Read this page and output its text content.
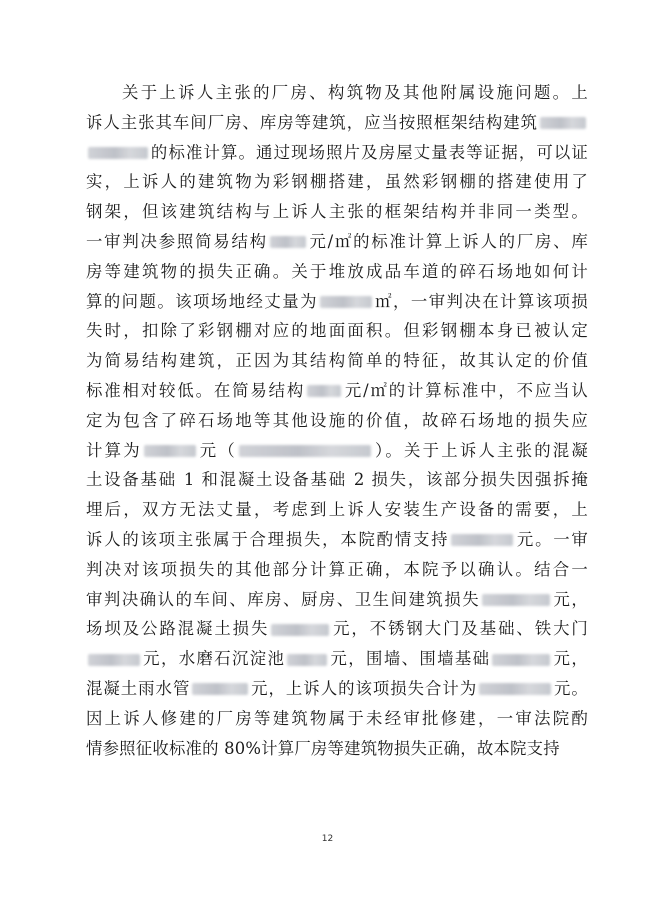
关于上诉人主张的厂房、构筑物及其他附属设施问题。上
诉人主张其车间厂房、库房等建筑，应当按照框架结构建筑
的标准计算。通过现场照片及房屋丈量表等证据，可以证
实，上诉人的建筑物为彩钢棚搭建，虽然彩钢棚的搭建使用了
钢架，但该建筑结构与上诉人主张的框架结构并非同一类型。
一审判决参照简易结构 元/㎡的标准计算上诉人的厂房、库
房等建筑物的损失正确。关于堆放成品车道的碎石场地如何计
算的问题。该项场地经丈量为	㎡，一审判决在计算该项损
失时，扣除了彩钢棚对应的地面面积。但彩钢棚本身已被认定
为简易结构建筑，正因为其结构简单的特征，故其认定的价值
标准相对较低。在简易结构 元/㎡的计算标准中，不应当认
定为包含了碎石场地等其他设施的价值，故碎石场地的损失应
计算为	元（	）。关于上诉人主张的混凝
土设备基础 1 和混凝土设备基础 2 损失，该部分损失因强拆掩
埋后，双方无法丈量，考虑到上诉人安装生产设备的需要，上
诉人的该项主张属于合理损失，本院酌情支持	元。一审
判决对该项损失的其他部分计算正确，本院予以确认。结合一
审判决确认的车间、库房、厨房、卫生间建筑损失	元，
场坝及公路混凝土损失	元，不锈钢大门及基础、铁大门
元，水磨石沉淀池	元，围墙、围墙基础	元，
混凝土雨水管	元，上诉人的该项损失合计为	元。
因上诉人修建的厂房等建筑物属于未经审批修建，一审法院酌
情参照征收标准的 80%计算厂房等建筑物损失正确，故本院支持
12
